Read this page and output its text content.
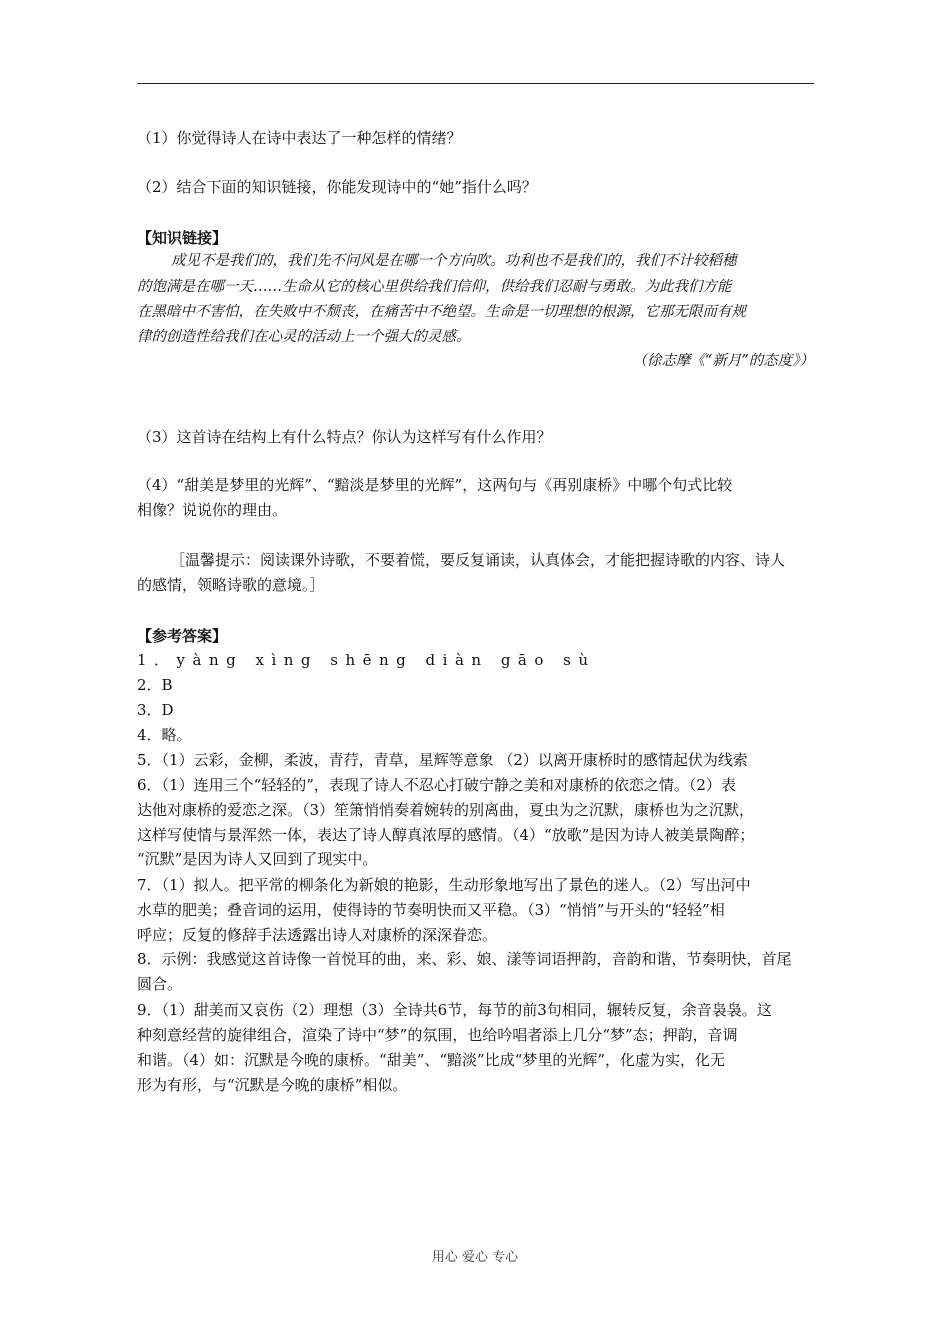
（1）你觉得诗人在诗中表达了一种怎样的情绪？
（2）结合下面的知识链接，你能发现诗中的“她”指什么吗？
【知识链接】
成见不是我们的，我们先不问风是在哪一个方向吹。功利也不是我们的，我们不计较稻穗
的饱满是在哪一天……生命从它的核心里供给我们信仰，供给我们忍耐与勇敢。为此我们方能
在黑暗中不害怕，在失败中不颓丧，在痛苦中不绝望。生命是一切理想的根源，它那无限而有规
律的创造性给我们在心灵的活动上一个强大的灵感。
（徐志摩《“新月”的态度》）
（3）这首诗在结构上有什么特点？你认为这样写有什么作用？
（4）“甜美是梦里的光辉”、“黯淡是梦里的光辉”，这两句与《再别康桥》中哪个句式比较
相像？说说你的理由。
［温馨提示：阅读课外诗歌，不要着慌，要反复诵读，认真体会，才能把握诗歌的内容、诗人
的感情，领略诗歌的意境。］
【参考答案】
1．yàng xìng shēng diàn gāo sù
2．B
3．D
4．略。
5．（1）云彩，金柳，柔波，青荇，青草，星辉等意象 （2）以离开康桥时的感情起伏为线索
6．（1）连用三个“轻轻的”，表现了诗人不忍心打破宁静之美和对康桥的依恋之情。（2）表
达他对康桥的爱恋之深。（3）笙箫悄悄奏着婉转的别离曲，夏虫为之沉默，康桥也为之沉默，
这样写使情与景浑然一体，表达了诗人醇真浓厚的感情。（4）“放歌”是因为诗人被美景陶醉；
“沉默”是因为诗人又回到了现实中。
7．（1）拟人。把平常的柳条化为新娘的艳影，生动形象地写出了景色的迷人。（2）写出河中
水草的肥美；叠音词的运用，使得诗的节奏明快而又平稳。（3）“悄悄”与开头的“轻轻”相
呼应；反复的修辞手法透露出诗人对康桥的深深眷恋。
8．示例：我感觉这首诗像一首悦耳的曲，来、彩、娘、漾等词语押韵，音韵和谐，节奏明快，首尾
圆合。
9．（1）甜美而又哀伤（2）理想（3）全诗共6节，每节的前3句相同，辗转反复，余音袅袅。这
种刻意经营的旋律组合，渲染了诗中“梦”的氛围，也给吟唱者添上几分“梦”态；押韵，音调
和谐。（4）如：沉默是今晚的康桥。“甜美”、“黯淡”比成“梦里的光辉”，化虚为实，化无
形为有形，与“沉默是今晚的康桥”相似。
用心 爱心 专心
